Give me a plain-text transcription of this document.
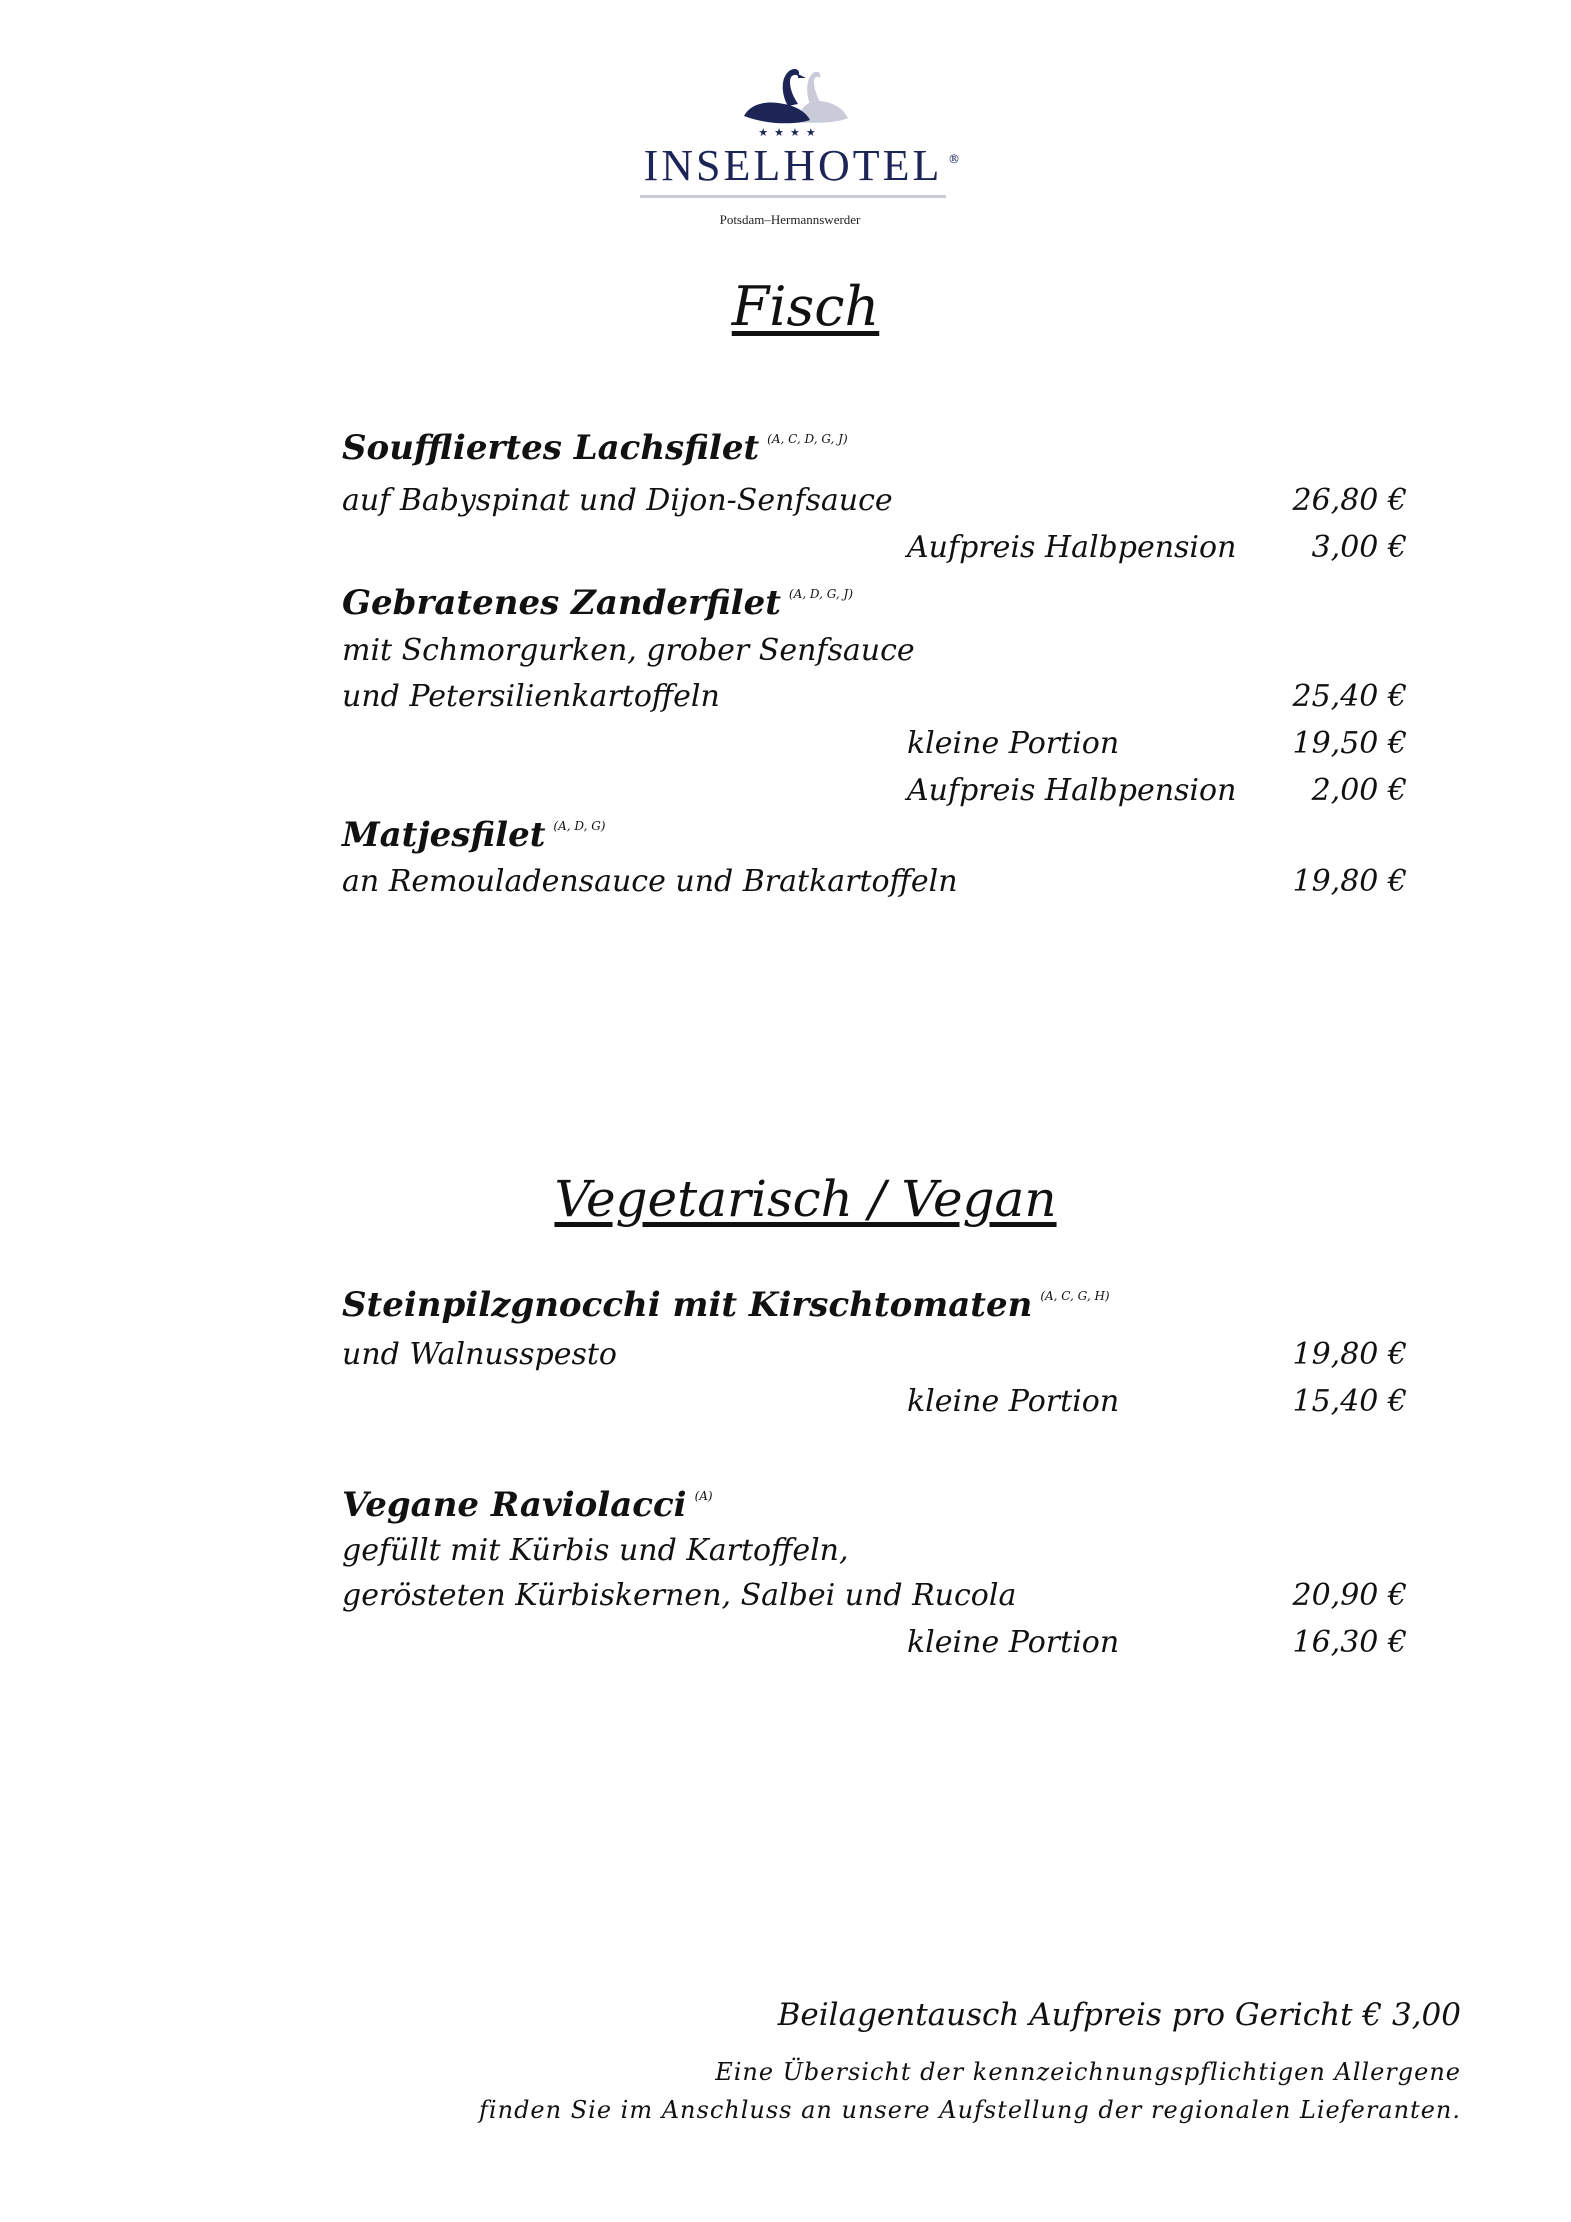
★★★★
INSELHOTEL ®
Potsdam–Hermannswerder
Fisch
Souffliertes Lachsfilet $^{(A, C, D, G, J)}$
auf Babyspinat und Dijon-Senfsauce	26,80 €
Aufpreis Halbpension	3,00 €
Gebratenes Zanderfilet $^{(A, D, G, J)}$
mit Schmorgurken, grober Senfsauce
und Petersilienkartoffeln	25,40 €
kleine Portion	19,50 €
Aufpreis Halbpension	2,00 €
Matjesfilet $^{(A, D, G)}$
an Remouladensauce und Bratkartoffeln	19,80 €
Vegetarisch / Vegan
Steinpilzgnocchi mit Kirschtomaten $^{(A, C, G, H)}$
und Walnusspesto	19,80 €
kleine Portion	15,40 €
Vegane Raviolacci $^{(A)}$
gefüllt mit Kürbis und Kartoffeln,
gerösteten Kürbiskernen, Salbei und Rucola	20,90 €
kleine Portion	16,30 €
Beilagentausch Aufpreis pro Gericht € 3,00
Eine Übersicht der kennzeichnungspflichtigen Allergene
finden Sie im Anschluss an unsere Aufstellung der regionalen Lieferanten.
